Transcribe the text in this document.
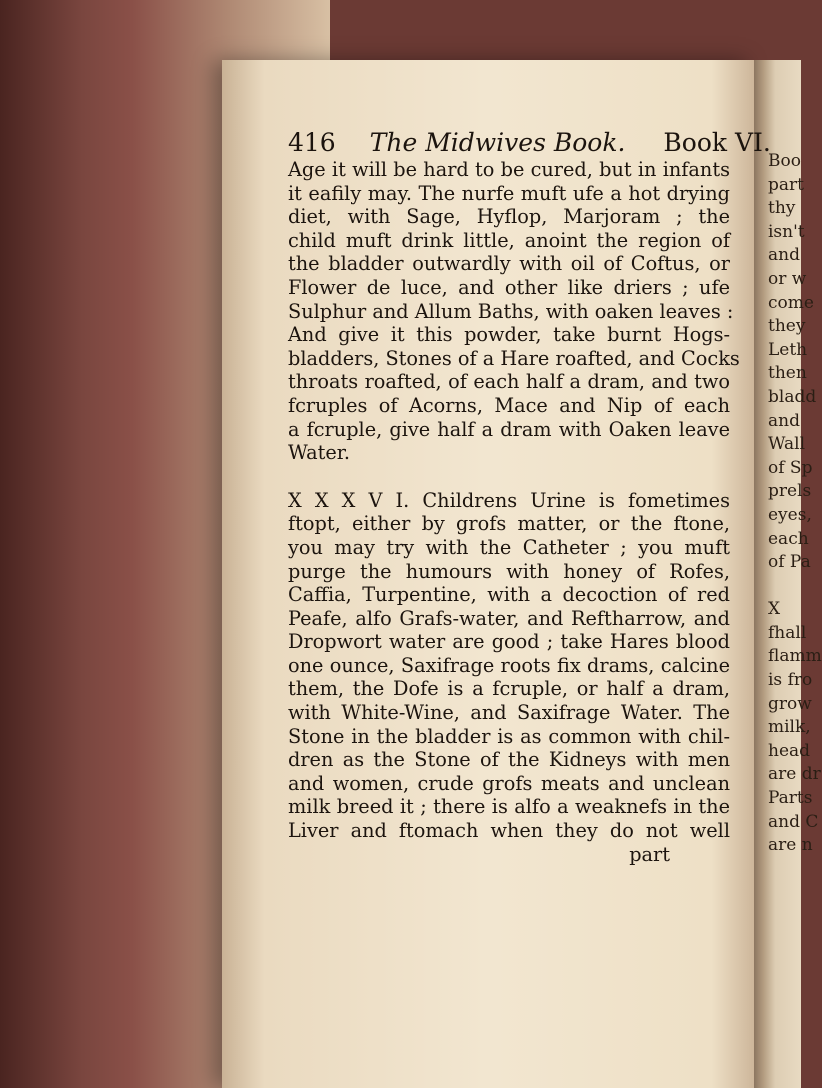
416 The Midwives Book. Book VI.
Age it will be hard to be cured, but in infants
it eafily may. The nurfe muft ufe a hot drying
diet, with Sage, Hyflop, Marjoram ; the
child muft drink little, anoint the region of
the bladder outwardly with oil of Coftus, or
Flower de luce, and other like driers ; ufe
Sulphur and Allum Baths, with oaken leaves :
And give it this powder, take burnt Hogs-
bladders, Stones of a Hare roafted, and Cocks
throats roafted, of each half a dram, and two
fcruples of Acorns, Mace and Nip of each
a fcruple, give half a dram with Oaken leave
Water.
X X X V I. Childrens Urine is fometimes
ftopt, either by grofs matter, or the ftone,
you may try with the Catheter ; you muft
purge the humours with honey of Rofes,
Caffia, Turpentine, with a decoction of red
Peafe, alfo Grafs-water, and Reftharrow, and
Dropwort water are good ; take Hares blood
one ounce, Saxifrage roots fix drams, calcine
them, the Dofe is a fcruple, or half a dram,
with White-Wine, and Saxifrage Water. The
Stone in the bladder is as common with chil-
dren as the Stone of the Kidneys with men
and women, crude grofs meats and unclean
milk breed it ; there is alfo a weaknefs in the
Liver and ftomach when they do not well
part
Boo
part
thy
isn't
and
or w
come
they
Leth
then
bladd
and
Wall
of Sp
prels
eyes,
each
of Pa

X
fhall
flamm
is fro
grow
milk,
head
are dr
Parts
and C
are n
